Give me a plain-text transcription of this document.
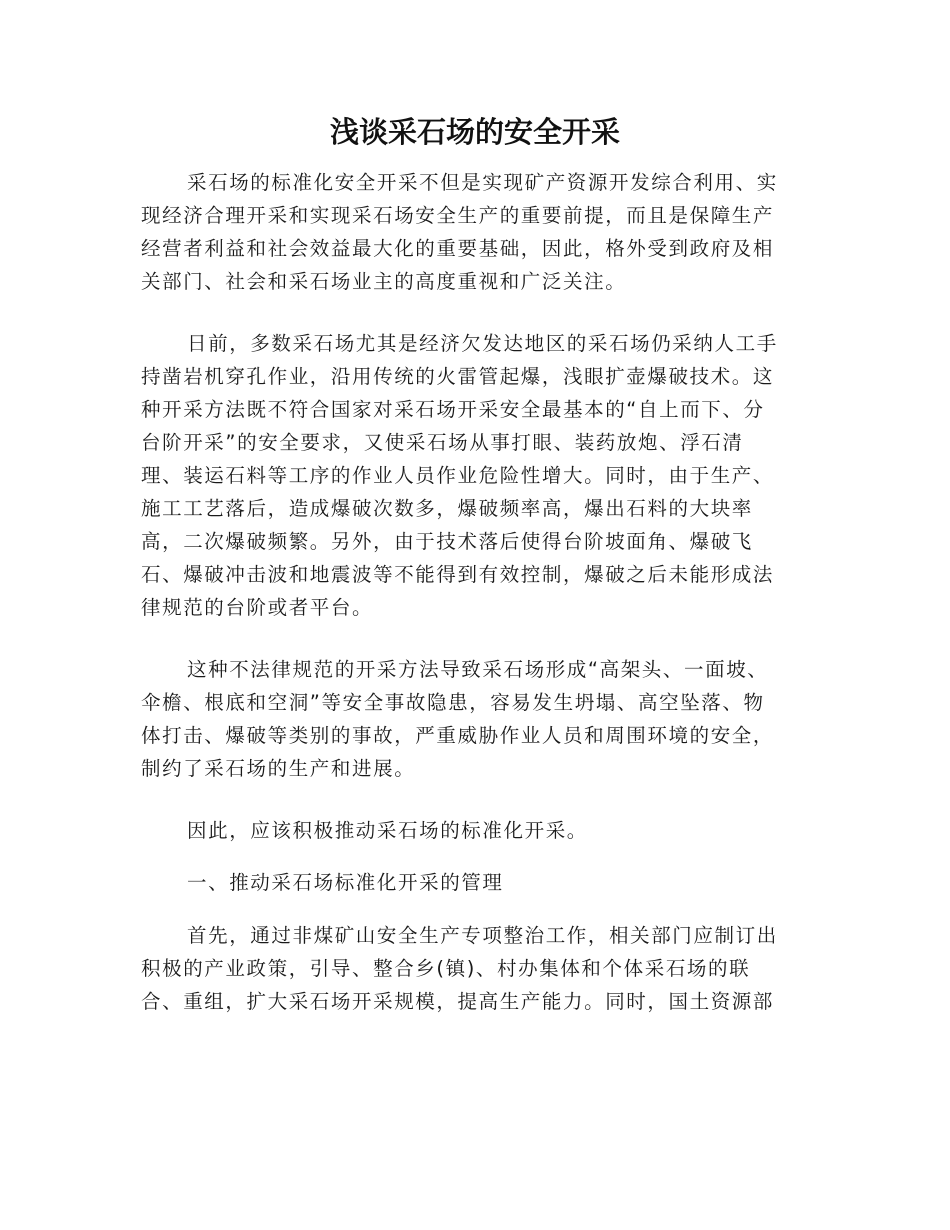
浅谈采石场的安全开采
采石场的标准化安全开采不但是实现矿产资源开发综合利用、实
现经济合理开采和实现采石场安全生产的重要前提，而且是保障生产
经营者利益和社会效益最大化的重要基础，因此，格外受到政府及相
关部门、社会和采石场业主的高度重视和广泛关注。
日前，多数采石场尤其是经济欠发达地区的采石场仍采纳人工手
持凿岩机穿孔作业，沿用传统的火雷管起爆，浅眼扩壶爆破技术。这
种开采方法既不符合国家对采石场开采安全最基本的“自上而下、分
台阶开采”的安全要求，又使采石场从事打眼、装药放炮、浮石清
理、装运石料等工序的作业人员作业危险性增大。同时，由于生产、
施工工艺落后，造成爆破次数多，爆破频率高，爆出石料的大块率
高，二次爆破频繁。另外，由于技术落后使得台阶坡面角、爆破飞
石、爆破冲击波和地震波等不能得到有效控制，爆破之后未能形成法
律规范的台阶或者平台。
这种不法律规范的开采方法导致采石场形成“高架头、一面坡、
伞檐、根底和空洞”等安全事故隐患，容易发生坍塌、高空坠落、物
体打击、爆破等类别的事故，严重威胁作业人员和周围环境的安全，
制约了采石场的生产和进展。
因此，应该积极推动采石场的标准化开采。
一、推动采石场标准化开采的管理
首先，通过非煤矿山安全生产专项整治工作，相关部门应制订出
积极的产业政策，引导、整合乡(镇)、村办集体和个体采石场的联
合、重组，扩大采石场开采规模，提高生产能力。同时，国土资源部
